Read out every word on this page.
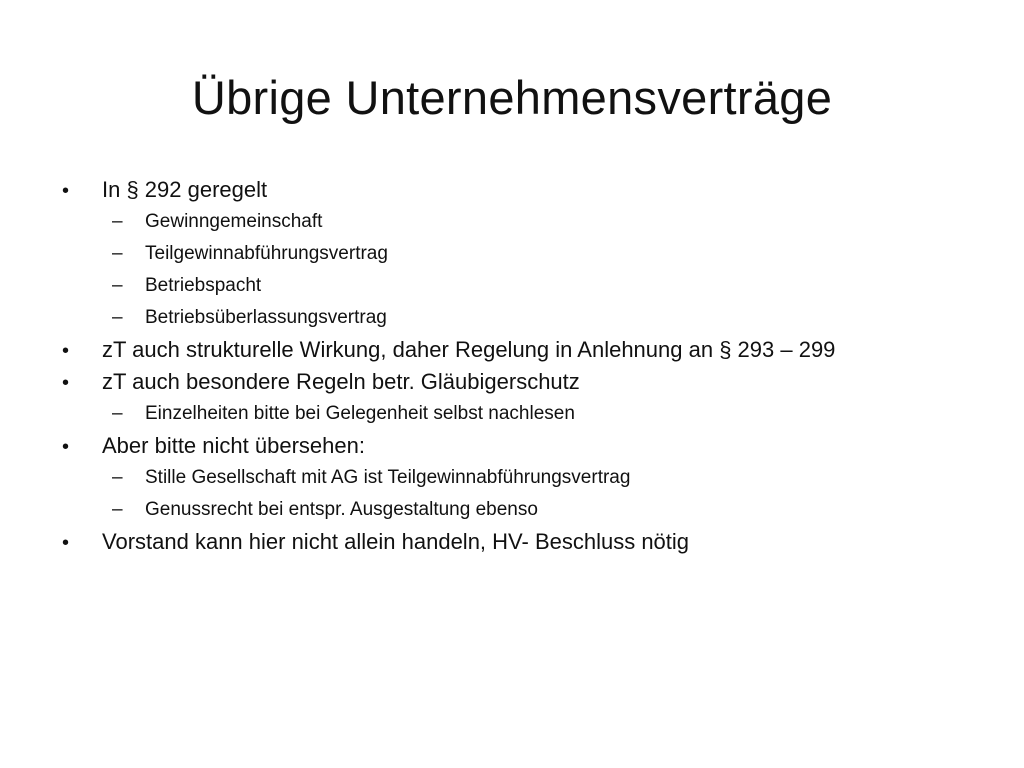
Übrige Unternehmensverträge
•	In § 292 geregelt
–	Gewinngemeinschaft
–	Teilgewinnabführungsvertrag
–	Betriebspacht
–	Betriebsüberlassungsvertrag
•	zT auch strukturelle Wirkung, daher Regelung in Anlehnung an § 293 – 299
•	zT auch besondere Regeln betr. Gläubigerschutz
–	Einzelheiten bitte bei Gelegenheit selbst nachlesen
•	Aber bitte nicht übersehen:
–	Stille Gesellschaft mit AG ist Teilgewinnabführungsvertrag
–	Genussrecht bei entspr. Ausgestaltung ebenso
•	Vorstand kann hier nicht allein handeln, HV- Beschluss nötig
